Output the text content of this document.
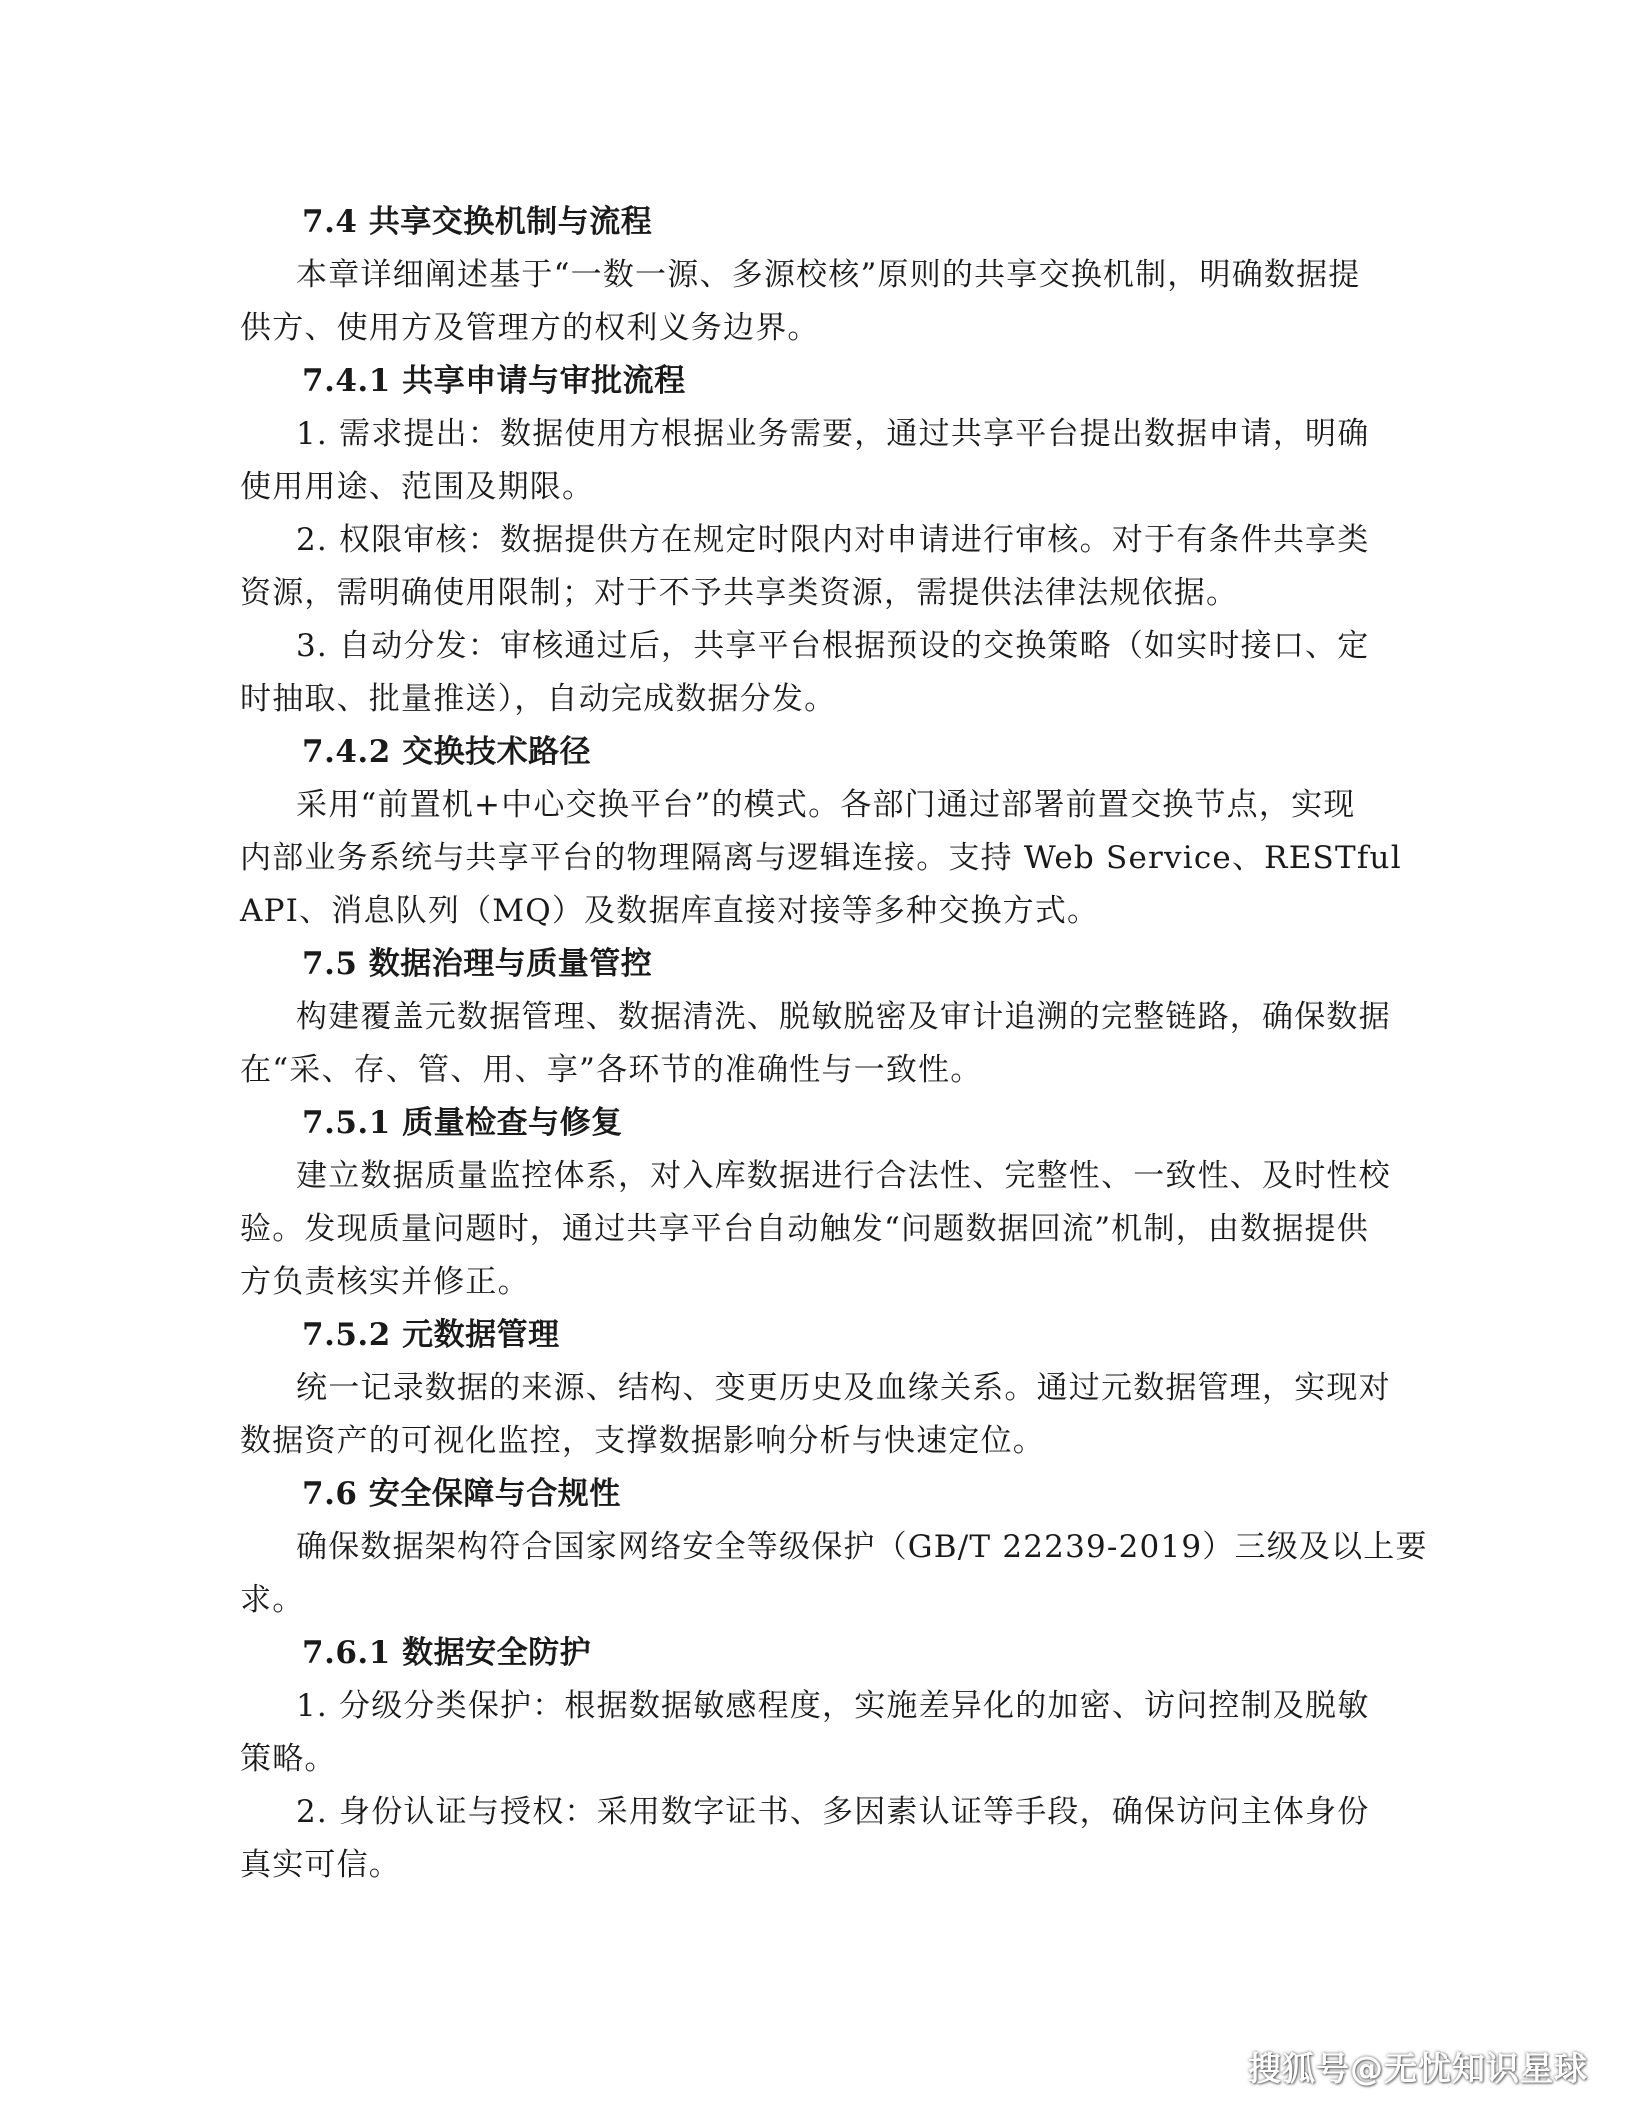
7.4 共享交换机制与流程

本章详细阐述基于“一数一源、多源校核”原则的共享交换机制，明确数据提
供方、使用方及管理方的权利义务边界。

7.4.1 共享申请与审批流程

1. 需求提出：数据使用方根据业务需要，通过共享平台提出数据申请，明确
使用用途、范围及期限。

2. 权限审核：数据提供方在规定时限内对申请进行审核。对于有条件共享类
资源，需明确使用限制；对于不予共享类资源，需提供法律法规依据。

3. 自动分发：审核通过后，共享平台根据预设的交换策略（如实时接口、定
时抽取、批量推送），自动完成数据分发。

7.4.2 交换技术路径

采用“前置机+中心交换平台”的模式。各部门通过部署前置交换节点，实现
内部业务系统与共享平台的物理隔离与逻辑连接。支持 Web Service、RESTful
API、消息队列（MQ）及数据库直接对接等多种交换方式。

7.5 数据治理与质量管控

构建覆盖元数据管理、数据清洗、脱敏脱密及审计追溯的完整链路，确保数据
在“采、存、管、用、享”各环节的准确性与一致性。

7.5.1 质量检查与修复

建立数据质量监控体系，对入库数据进行合法性、完整性、一致性、及时性校
验。发现质量问题时，通过共享平台自动触发“问题数据回流”机制，由数据提供
方负责核实并修正。

7.5.2 元数据管理

统一记录数据的来源、结构、变更历史及血缘关系。通过元数据管理，实现对
数据资产的可视化监控，支撑数据影响分析与快速定位。

7.6 安全保障与合规性

确保数据架构符合国家网络安全等级保护（GB/T 22239-2019）三级及以上要
求。

7.6.1 数据安全防护

1. 分级分类保护：根据数据敏感程度，实施差异化的加密、访问控制及脱敏
策略。

2. 身份认证与授权：采用数字证书、多因素认证等手段，确保访问主体身份
真实可信。

搜狐号@无忧知识星球
